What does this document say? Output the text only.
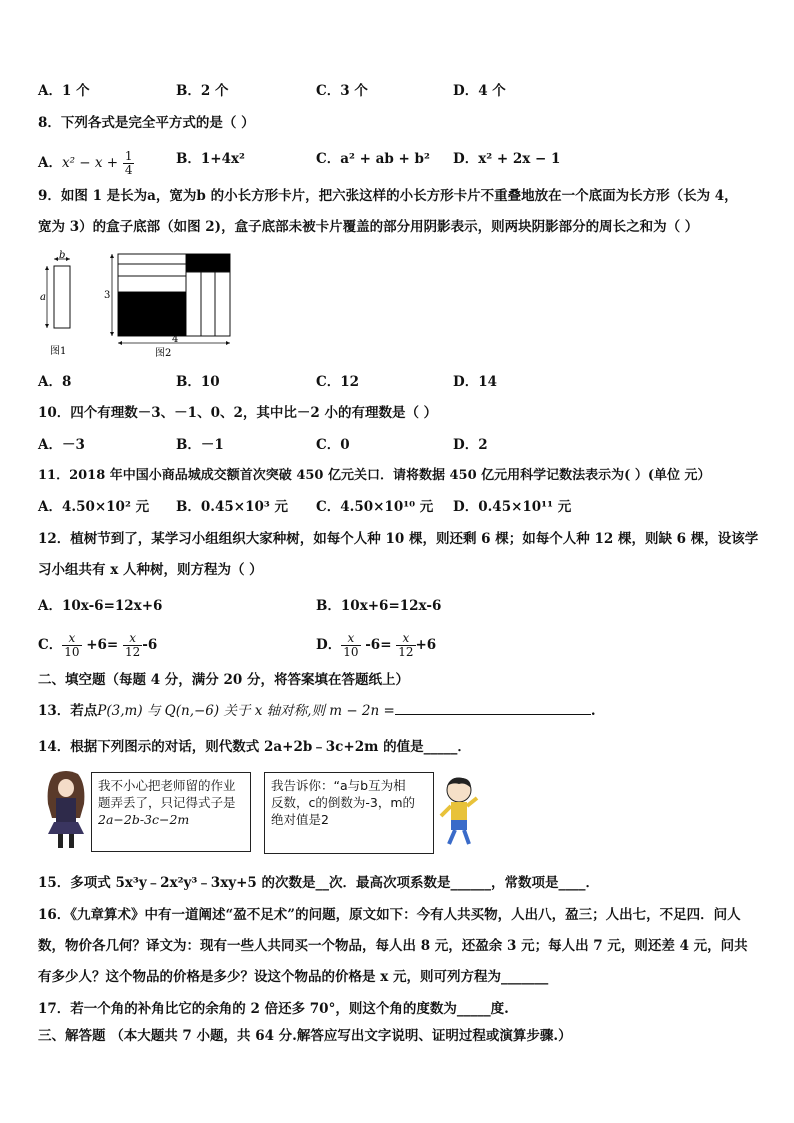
A．1 个	B．2 个	C．3 个	D．4 个
8．下列各式是完全平方式的是（ ）
A．$x^2 - x + \frac{1}{4}$	B．1+4x²	C．a² + ab + b² D．x² + 2x − 1
9．如图 1 是长为a，宽为b 的小长方形卡片，把六张这样的小长方形卡片不重叠地放在一个底面为长方形（长为 4，
宽为 3）的盒子底部（如图 2)，盒子底部未被卡片覆盖的部分用阴影表示，则两块阴影部分的周长之和为（ ）
b
a
图1
3
4
图2
A．8	B．10	C．12	D．14
10．四个有理数－3、－1、0、2，其中比－2 小的有理数是（ ）
A．－3	B．－1	C．0	D．2
11．2018 年中国小商品城成交额首次突破 450 亿元关口．请将数据 450 亿元用科学记数法表示为( ）(单位 元）
A．4.50×10² 元 B．0.45×10³ 元 C．4.50×10¹⁰ 元 D．0.45×10¹¹ 元
12．植树节到了，某学习小组组织大家种树，如每个人种 10 棵，则还剩 6 棵；如每个人种 12 棵，则缺 6 棵，设该学
习小组共有 x 人种树，则方程为（ ）
A．10x-6=12x+6	B．10x+6=12x-6
C． $\frac{x}{10} +6= \frac{x}{12} -6$	D． $\frac{x}{10} -6= \frac{x}{12} +6$
二、填空题（每题 4 分，满分 20 分，将答案填在答题纸上）
13．若点P(3,m) 与 Q(n,−6) 关于 x 轴对称,则 m − 2n =	.
14．根据下列图示的对话，则代数式 2a+2b﹣3c+2m 的值是_____．
我不小心把老师留的作业
题弄丢了，只记得式子是
2a−2b-3c−2m
我告诉你：“a与b互为相
反数，c的倒数为-3，m的
绝对值是2
15．多项式 5x³y﹣2x²y³﹣3xy+5 的次数是__次．最高次项系数是______，常数项是____．
16．《九章算术》中有一道阐述“盈不足术”的问题，原文如下：今有人共买物，人出八，盈三；人出七，不足四．问人
数，物价各几何？译文为：现有一些人共同买一个物品，每人出 8 元，还盈余 3 元；每人出 7 元，则还差 4 元，问共
有多少人？这个物品的价格是多少？设这个物品的价格是 x 元，则可列方程为_______
17．若一个角的补角比它的余角的 2 倍还多 70°，则这个角的度数为_____度.
三、解答题 （本大题共 7 小题，共 64 分.解答应写出文字说明、证明过程或演算步骤.）
